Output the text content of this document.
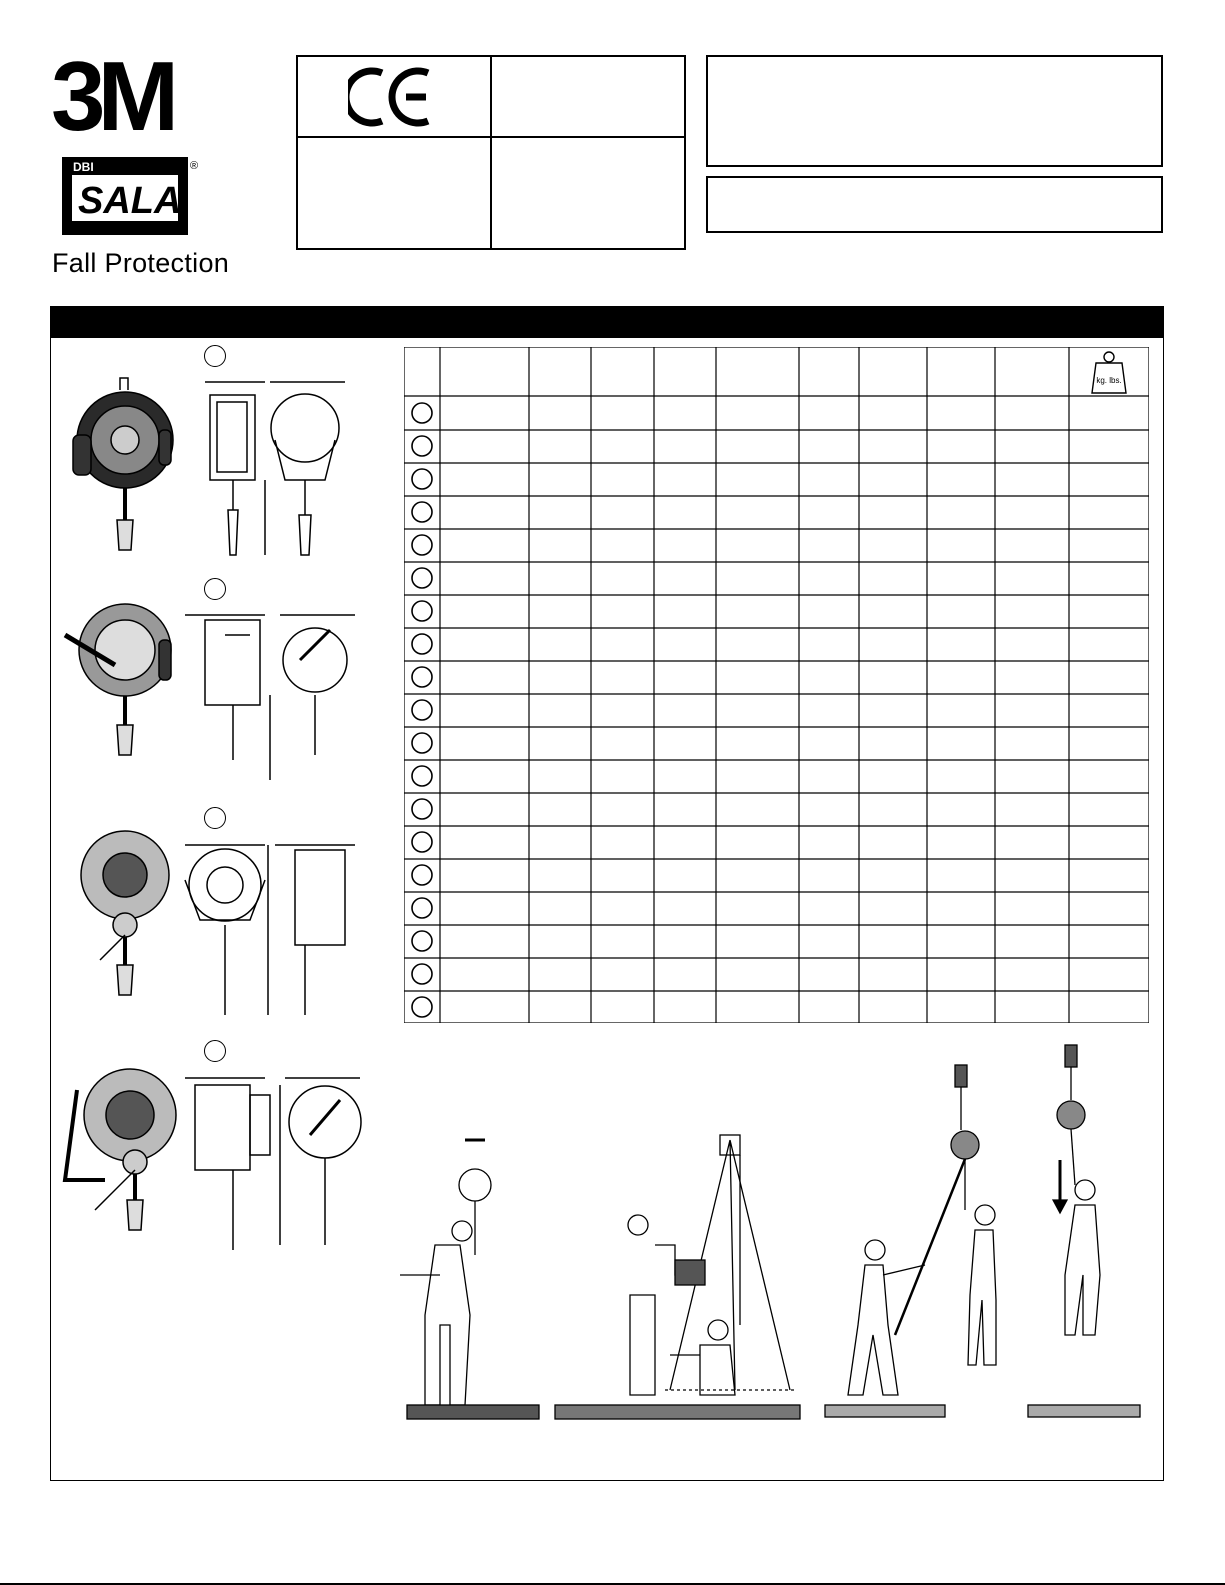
3M
DBI
SALA
®
Fall Protection
kg. lbs.
